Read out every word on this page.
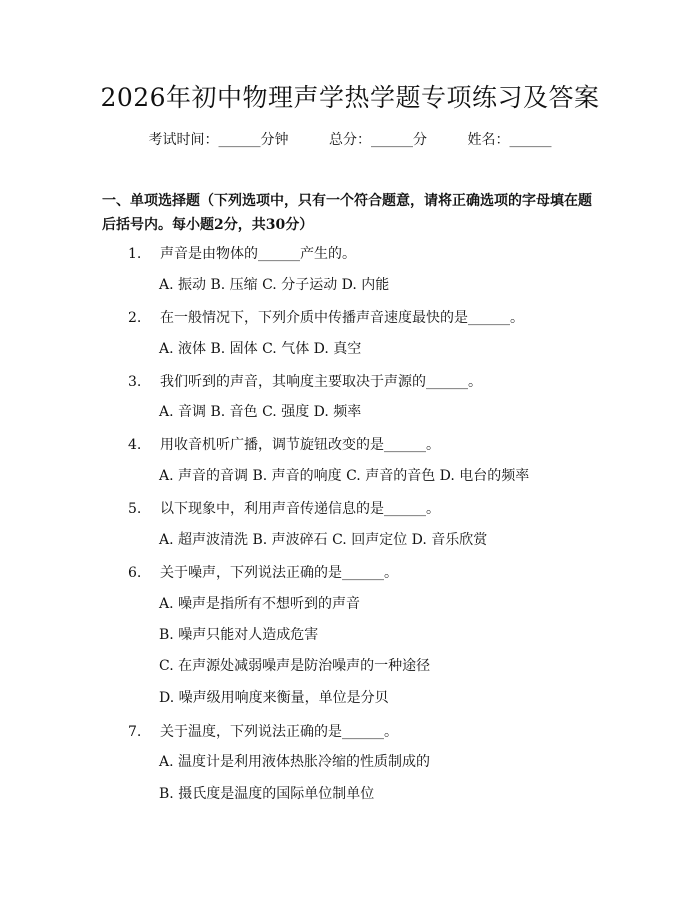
2026年初中物理声学热学题专项练习及答案
考试时间：______分钟	总分：______分	姓名：______
一、单项选择题（下列选项中，只有一个符合题意，请将正确选项的字母填在题后括号内。每小题2分，共30分）
1. 声音是由物体的______产生的。
A. 振动 B. 压缩 C. 分子运动 D. 内能
2. 在一般情况下，下列介质中传播声音速度最快的是______。
A. 液体 B. 固体 C. 气体 D. 真空
3. 我们听到的声音，其响度主要取决于声源的______。
A. 音调 B. 音色 C. 强度 D. 频率
4. 用收音机听广播，调节旋钮改变的是______。
A. 声音的音调 B. 声音的响度 C. 声音的音色 D. 电台的频率
5. 以下现象中，利用声音传递信息的是______。
A. 超声波清洗 B. 声波碎石 C. 回声定位 D. 音乐欣赏
6. 关于噪声，下列说法正确的是______。
A. 噪声是指所有不想听到的声音
B. 噪声只能对人造成危害
C. 在声源处减弱噪声是防治噪声的一种途径
D. 噪声级用响度来衡量，单位是分贝
7. 关于温度，下列说法正确的是______。
A. 温度计是利用液体热胀冷缩的性质制成的
B. 摄氏度是温度的国际单位制单位
